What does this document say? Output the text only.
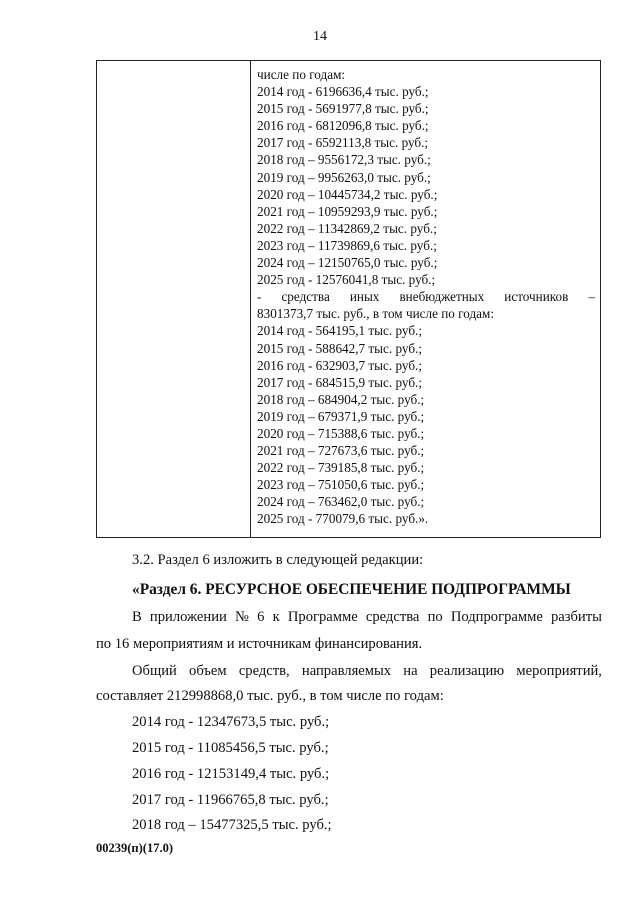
14
числе по годам:
2014 год - 6196636,4 тыс. руб.;
2015 год - 5691977,8 тыс. руб.;
2016 год - 6812096,8 тыс. руб.;
2017 год - 6592113,8 тыс. руб.;
2018 год – 9556172,3 тыс. руб.;
2019 год – 9956263,0 тыс. руб.;
2020 год – 10445734,2 тыс. руб.;
2021 год – 10959293,9 тыс. руб.;
2022 год – 11342869,2 тыс. руб.;
2023 год – 11739869,6 тыс. руб.;
2024 год – 12150765,0 тыс. руб.;
2025 год - 12576041,8 тыс. руб.;
- средства иных внебюджетных источников –
8301373,7 тыс. руб., в том числе по годам:
2014 год - 564195,1 тыс. руб.;
2015 год - 588642,7 тыс. руб.;
2016 год - 632903,7 тыс. руб.;
2017 год - 684515,9 тыс. руб.;
2018 год – 684904,2 тыс. руб.;
2019 год – 679371,9 тыс. руб.;
2020 год – 715388,6 тыс. руб.;
2021 год – 727673,6 тыс. руб.;
2022 год – 739185,8 тыс. руб.;
2023 год – 751050,6 тыс. руб.;
2024 год – 763462,0 тыс. руб.;
2025 год - 770079,6 тыс. руб.».
3.2. Раздел 6 изложить в следующей редакции:
«Раздел 6. РЕСУРСНОЕ ОБЕСПЕЧЕНИЕ ПОДПРОГРАММЫ
В приложении № 6 к Программе средства по Подпрограмме разбиты
по 16 мероприятиям и источникам финансирования.
Общий объем средств, направляемых на реализацию мероприятий,
составляет 212998868,0 тыс. руб., в том числе по годам:
2014 год - 12347673,5 тыс. руб.;
2015 год - 11085456,5 тыс. руб.;
2016 год - 12153149,4 тыс. руб.;
2017 год - 11966765,8 тыс. руб.;
2018 год – 15477325,5 тыс. руб.;
00239(п)(17.0)
